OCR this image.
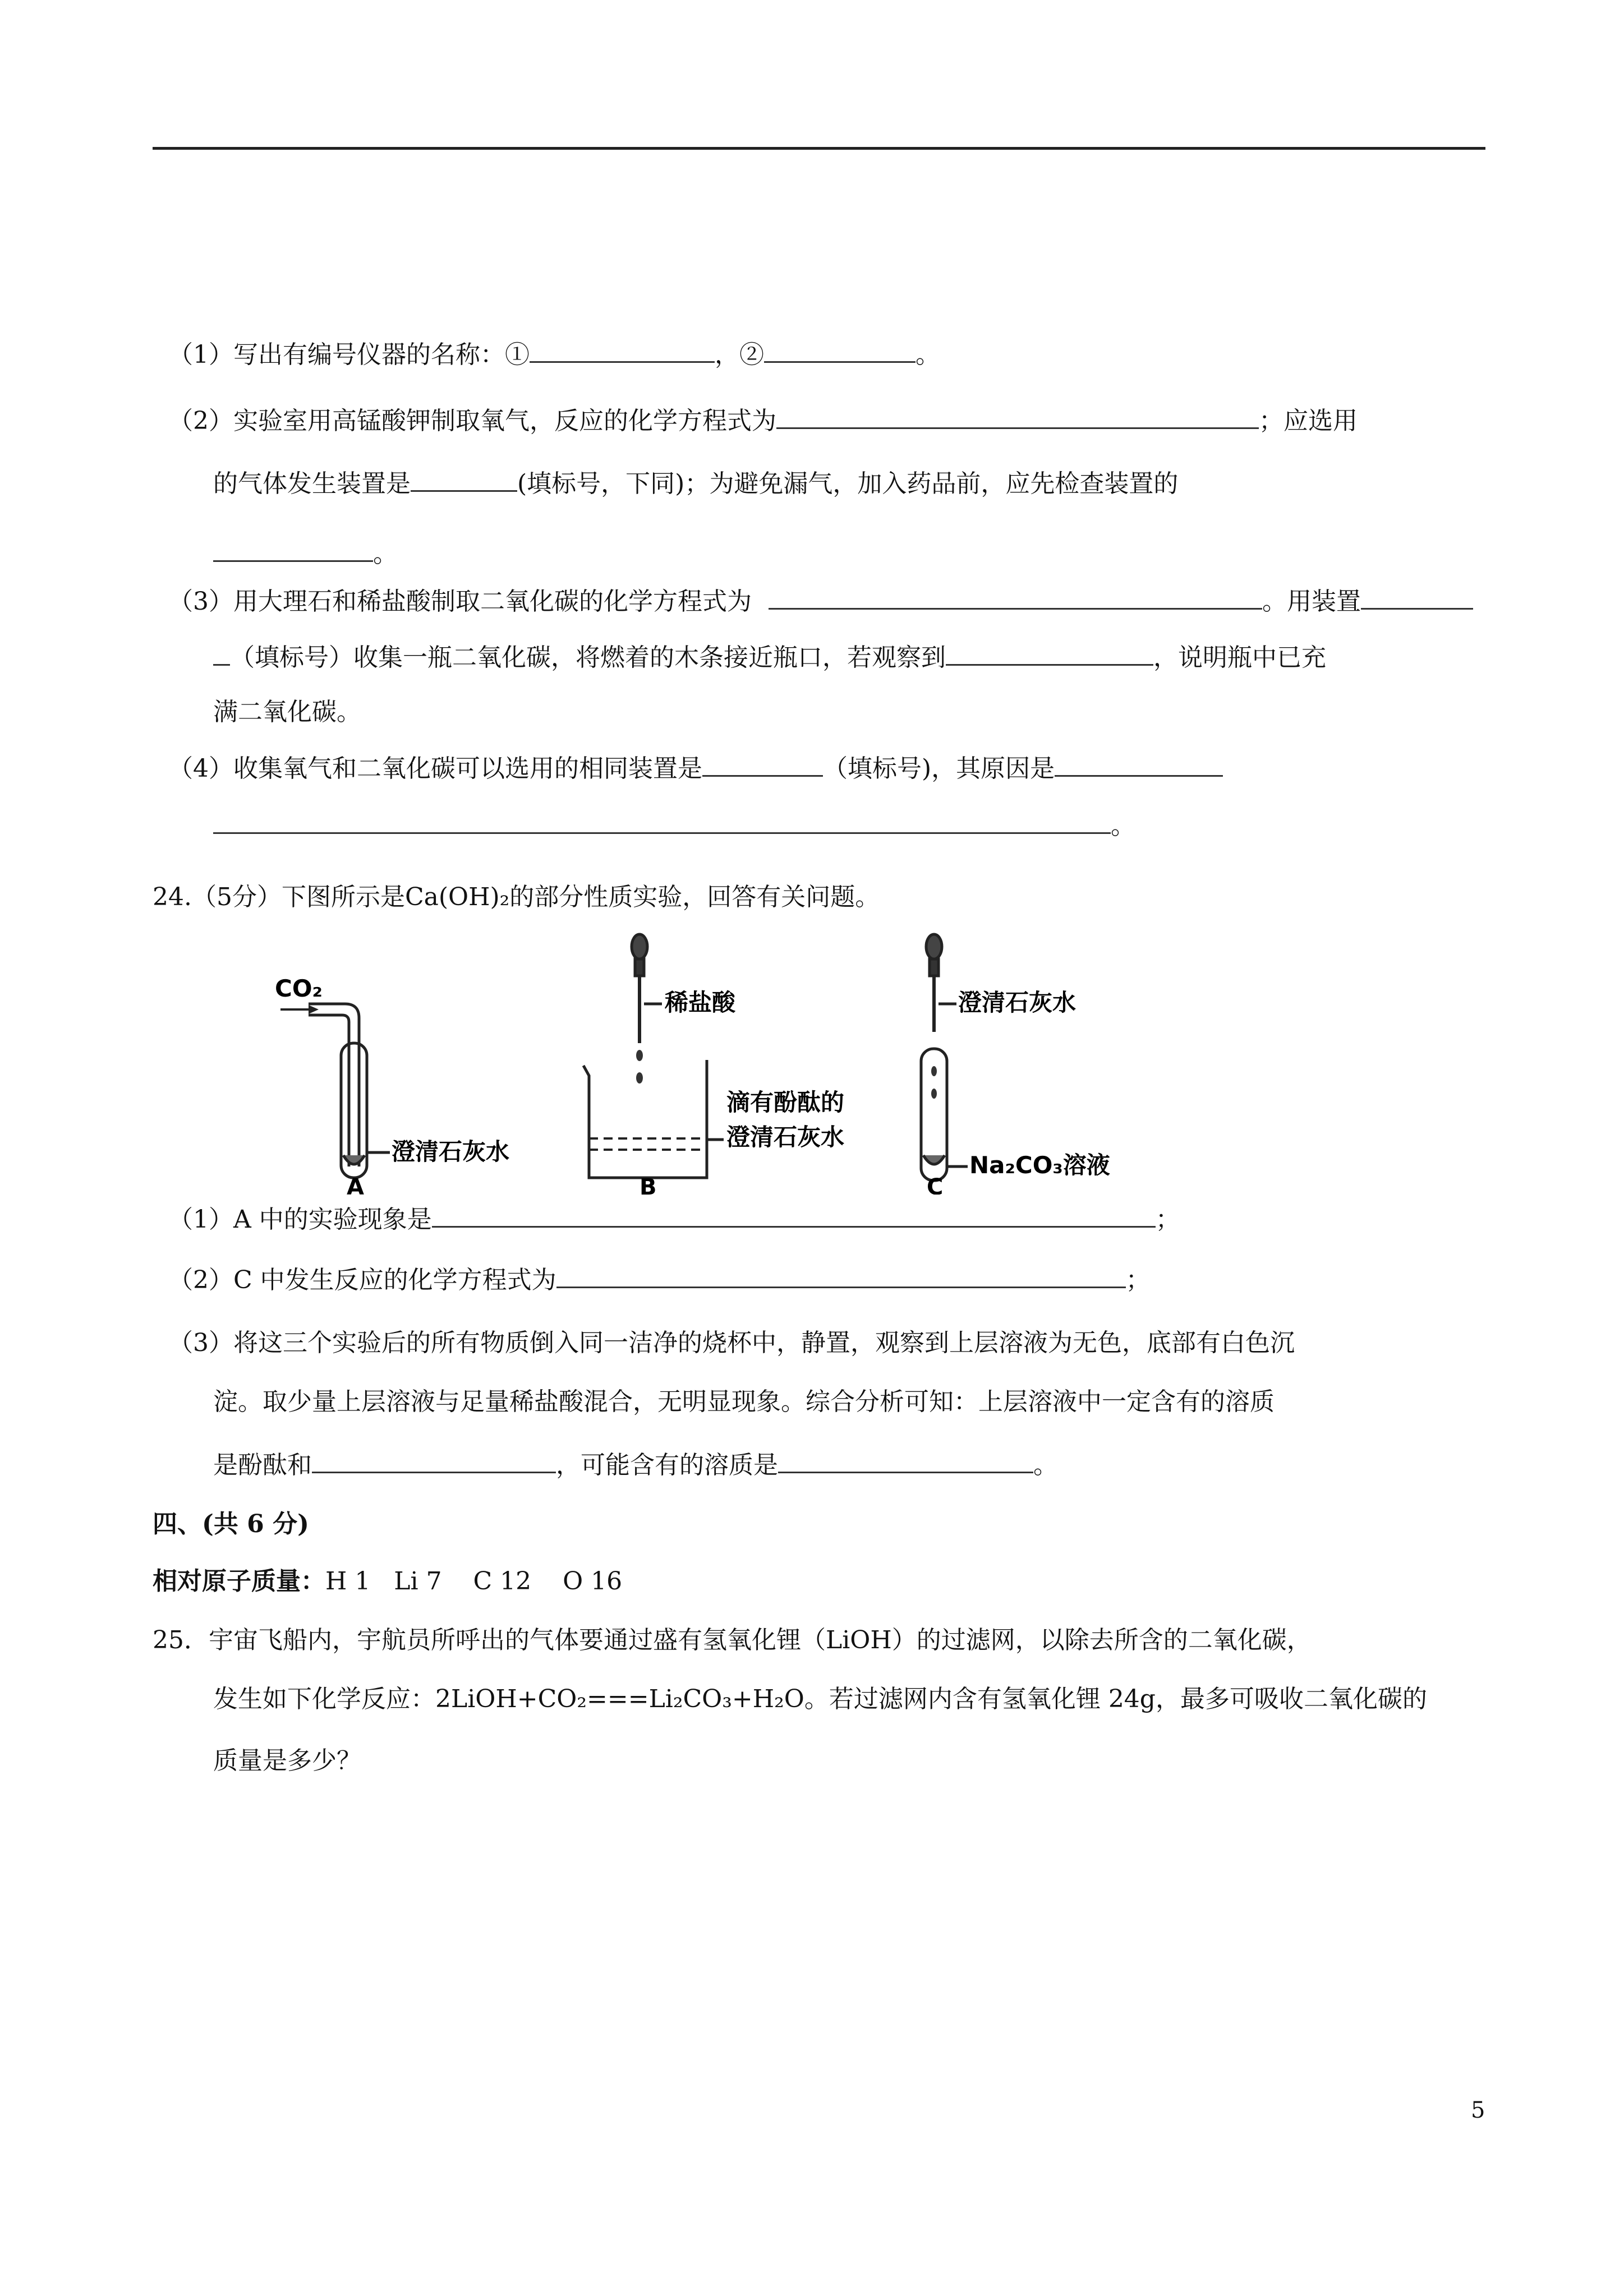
（1）写出有编号仪器的名称：①	，②	。
（2）实验室用高锰酸钾制取氧气，反应的化学方程式为	；应选用
的气体发生装置是	(填标号，下同)；为避免漏气，加入药品前，应先检查装置的
。
（3）用大理石和稀盐酸制取二氧化碳的化学方程式为	。用装置
（填标号）收集一瓶二氧化碳，将燃着的木条接近瓶口，若观察到	，说明瓶中已充
满二氧化碳。
（4）收集氧气和二氧化碳可以选用的相同装置是	（填标号)，其原因是
。
24.（5分）下图所示是Ca(OH)₂的部分性质实验，回答有关问题。
CO₂
澄清石灰水
A
稀盐酸
滴有酚酞的
澄清石灰水
B
澄清石灰水
Na₂CO₃溶液
C
（1）A 中的实验现象是	；
（2）C 中发生反应的化学方程式为	；
（3）将这三个实验后的所有物质倒入同一洁净的烧杯中，静置，观察到上层溶液为无色，底部有白色沉
淀。取少量上层溶液与足量稀盐酸混合，无明显现象。综合分析可知：上层溶液中一定含有的溶质
是酚酞和	，可能含有的溶质是	。
四、(共 6 分)
相对原子质量：H 1   Li 7    C 12    O 16
25．宇宙飞船内，宇航员所呼出的气体要通过盛有氢氧化锂（LiOH）的过滤网，以除去所含的二氧化碳，
发生如下化学反应：2LiOH+CO₂===Li₂CO₃+H₂O。若过滤网内含有氢氧化锂 24g，最多可吸收二氧化碳的
质量是多少？
5
